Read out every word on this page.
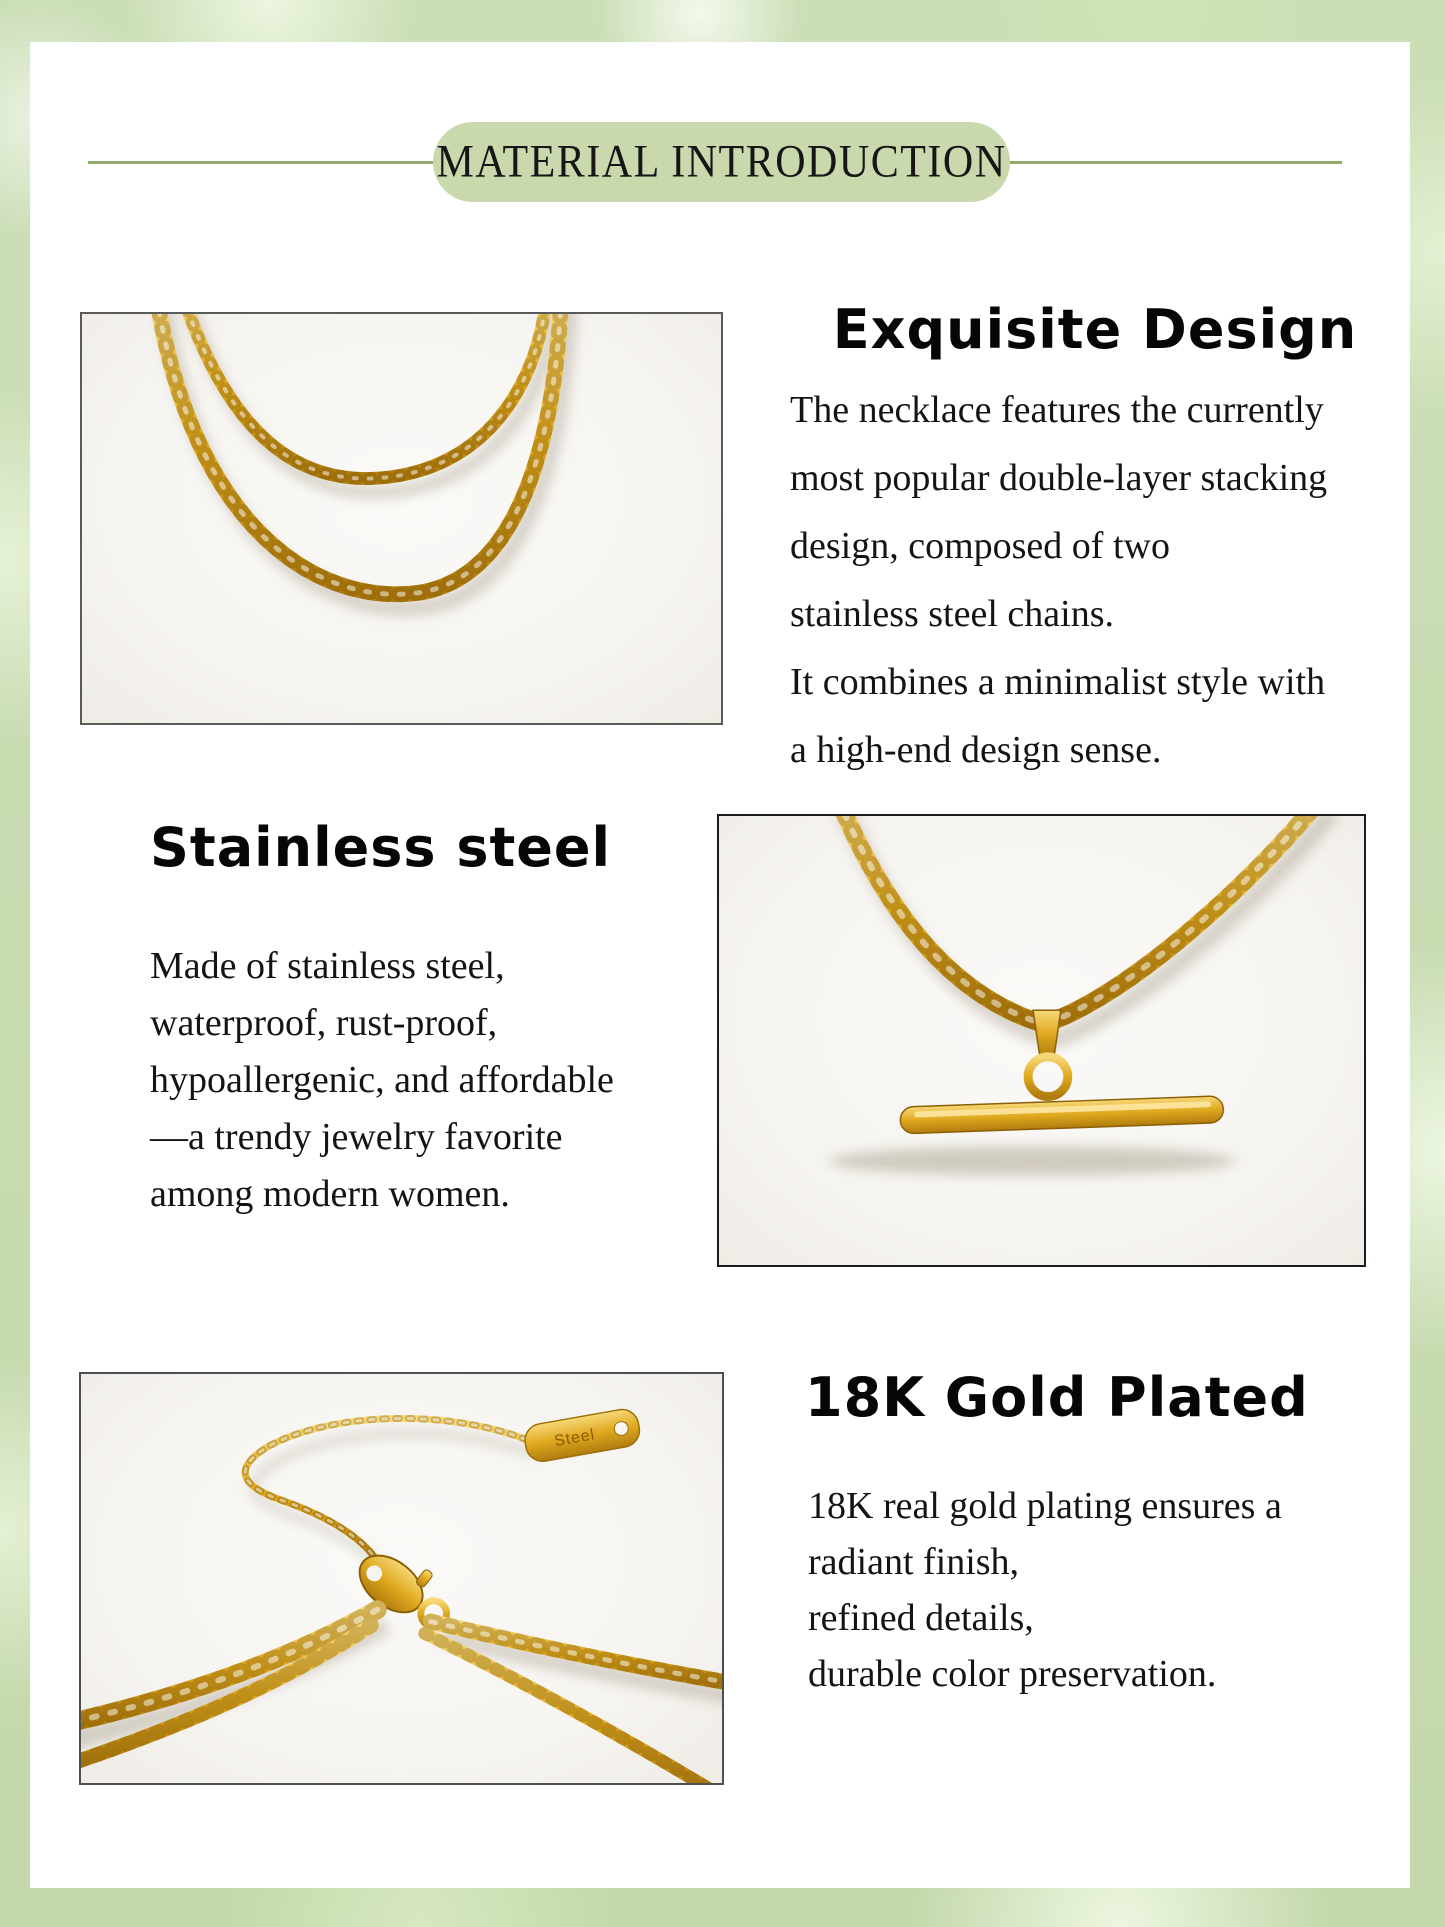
MATERIAL INTRODUCTION
Exquisite Design
The necklace features the currently
most popular double-layer stacking
design, composed of two
stainless steel chains.
It combines a minimalist style with
a high-end design sense.
Stainless steel
Made of stainless steel,
waterproof, rust-proof,
hypoallergenic, and affordable
—a trendy jewelry favorite
among modern women.
Steel
18K Gold Plated
18K real gold plating ensures a
radiant finish,
refined details,
durable color preservation.
